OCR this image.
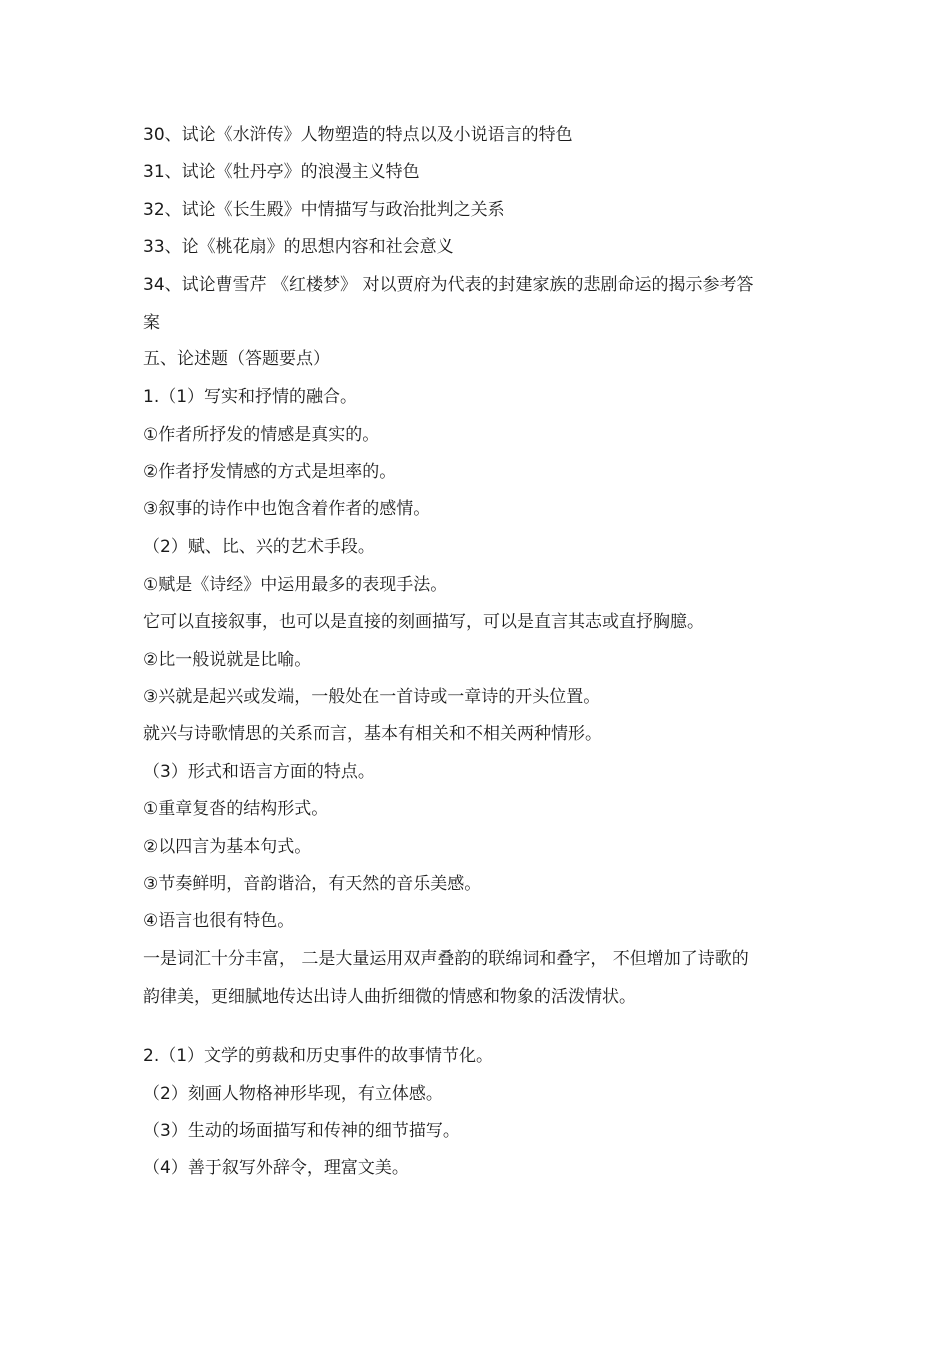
30、试论《水浒传》人物塑造的特点以及小说语言的特色

31、试论《牡丹亭》的浪漫主义特色

32、试论《长生殿》中情描写与政治批判之关系

33、论《桃花扇》的思想内容和社会意义

34、试论曹雪芹 《红楼梦》 对以贾府为代表的封建家族的悲剧命运的揭示参考答

案

五、论述题（答题要点）

1.（1）写实和抒情的融合。

①作者所抒发的情感是真实的。

②作者抒发情感的方式是坦率的。

③叙事的诗作中也饱含着作者的感情。

（2）赋、比、兴的艺术手段。

①赋是《诗经》中运用最多的表现手法。

它可以直接叙事，也可以是直接的刻画描写，可以是直言其志或直抒胸臆。

②比一般说就是比喻。

③兴就是起兴或发端，一般处在一首诗或一章诗的开头位置。

就兴与诗歌情思的关系而言，基本有相关和不相关两种情形。

（3）形式和语言方面的特点。

①重章复沓的结构形式。

②以四言为基本句式。

③节奏鲜明，音韵谐洽，有天然的音乐美感。

④语言也很有特色。

一是词汇十分丰富， 二是大量运用双声叠韵的联绵词和叠字， 不但增加了诗歌的

韵律美，更细腻地传达出诗人曲折细微的情感和物象的活泼情状。

2.（1）文学的剪裁和历史事件的故事情节化。

（2）刻画人物格神形毕现，有立体感。

（3）生动的场面描写和传神的细节描写。

（4）善于叙写外辞令，理富文美。
